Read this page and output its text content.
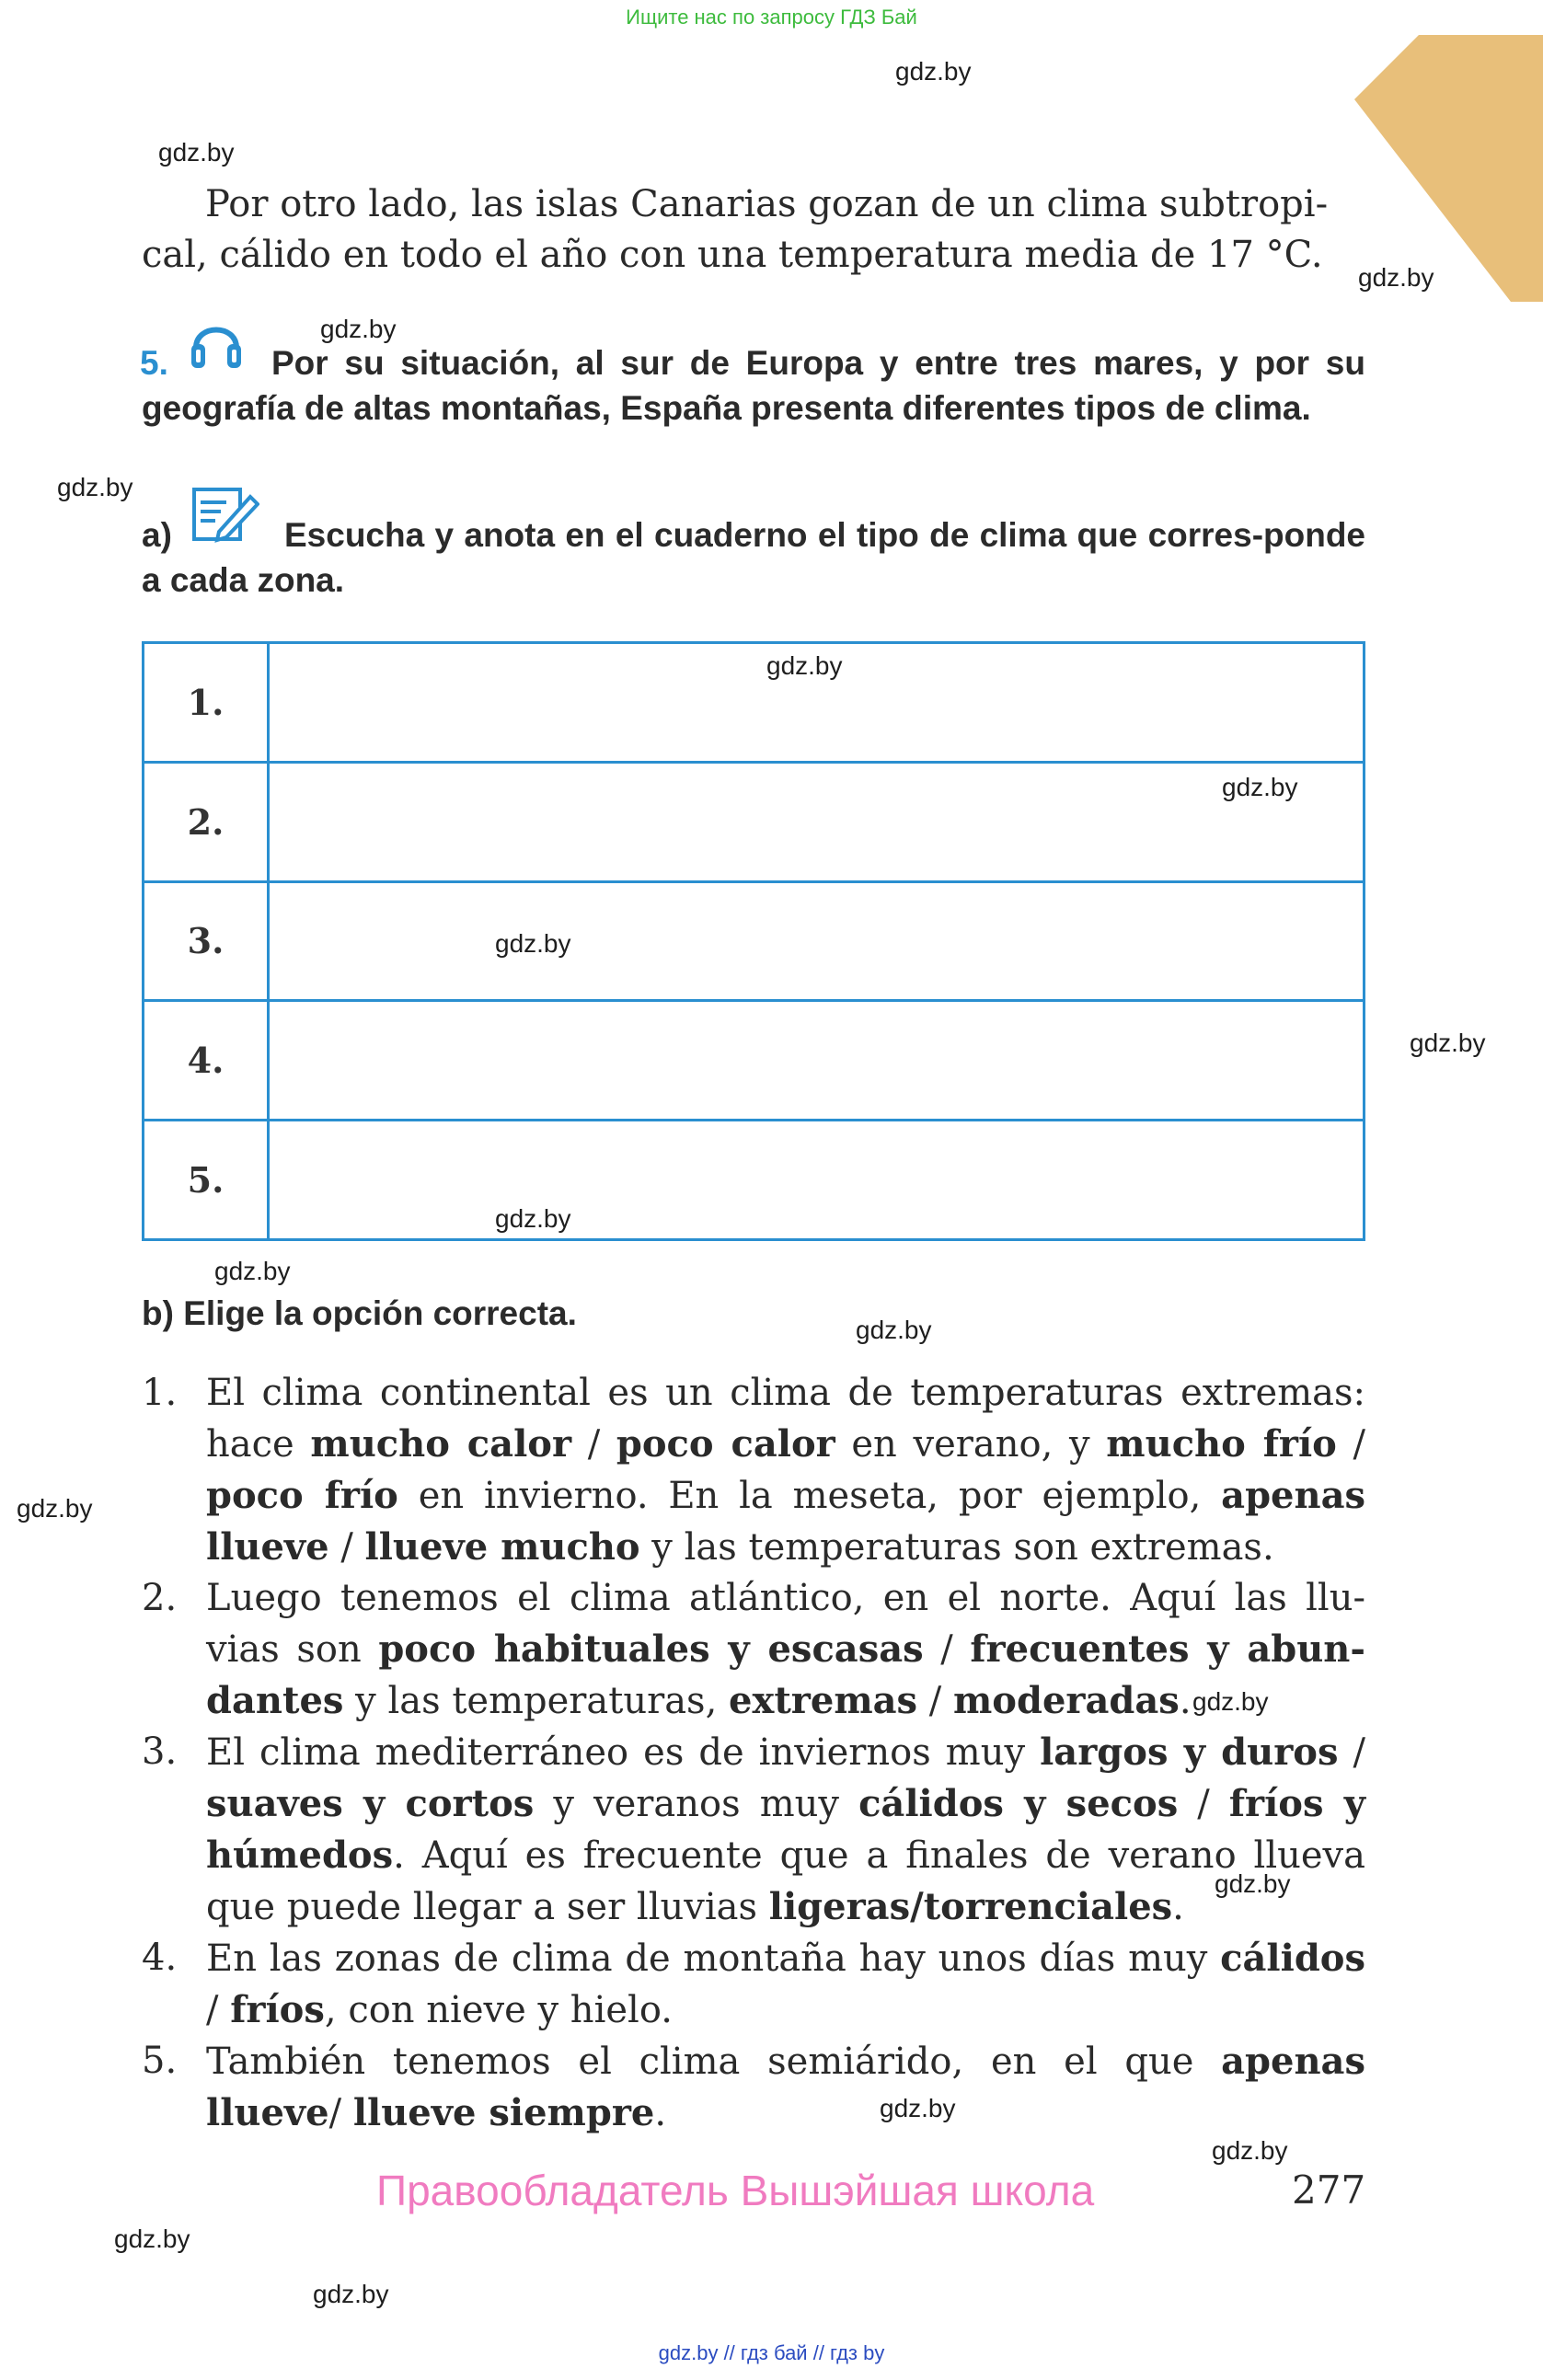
Ищите нас по запросу ГДЗ Бай
gdz.by
gdz.by
gdz.by
gdz.by
gdz.by
gdz.by
gdz.by
gdz.by
gdz.by
gdz.by
gdz.by
gdz.by
gdz.by
gdz.by
gdz.by
gdz.by
gdz.by
gdz.by
gdz.by
Por otro lado, las islas Canarias gozan de un clima subtropi-
cal, cálido en todo el año con una temperatura media de 17 °C.
5.	Por su situación, al sur de Europa y entre tres mares, y por su geografía de altas montañas, España presenta diferentes tipos de clima.
a)	Escucha y anota en el cuaderno el tipo de clima que corres-ponde a cada zona.
1.	
2.	
3.	
4.	
5.	
b) Elige la opción correcta.
1. El clima continental es un clima de temperaturas extremas: hace mucho calor / poco calor en verano, y mucho frío / poco frío en invierno. En la meseta, por ejemplo, apenas llueve / llueve mucho y las temperaturas son extremas.
2. Luego tenemos el clima atlántico, en el norte. Aquí las llu-vias son poco habituales y escasas / frecuentes y abun-dantes y las temperaturas, extremas / moderadas.
3. El clima mediterráneo es de inviernos muy largos y duros / suaves y cortos y veranos muy cálidos y secos / fríos y húmedos. Aquí es frecuente que a finales de verano llueva que puede llegar a ser lluvias ligeras/torrenciales.
4. En las zonas de clima de montaña hay unos días muy cálidos / fríos, con nieve y hielo.
5. También tenemos el clima semiárido, en el que apenas llueve/ llueve siempre.
Правообладатель Вышэйшая школа	277
gdz.by // гдз бай // гдз by
